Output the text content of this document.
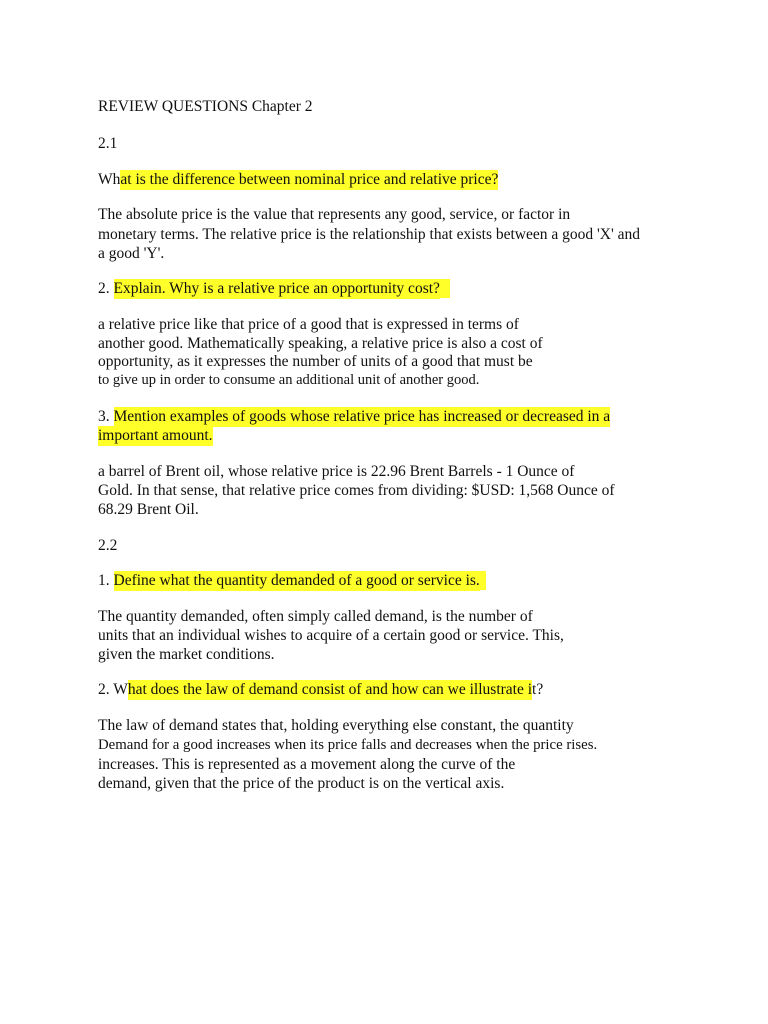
REVIEW QUESTIONS Chapter 2
2.1
What is the difference between nominal price and relative price?
The absolute price is the value that represents any good, service, or factor in
monetary terms. The relative price is the relationship that exists between a good 'X' and
a good 'Y'.
2. Explain. Why is a relative price an opportunity cost?
a relative price like that price of a good that is expressed in terms of
another good. Mathematically speaking, a relative price is also a cost of
opportunity, as it expresses the number of units of a good that must be
to give up in order to consume an additional unit of another good.
3. Mention examples of goods whose relative price has increased or decreased in a
important amount.
a barrel of Brent oil, whose relative price is 22.96 Brent Barrels - 1 Ounce of
Gold. In that sense, that relative price comes from dividing: $USD: 1,568 Ounce of
68.29 Brent Oil.
2.2
1. Define what the quantity demanded of a good or service is.
The quantity demanded, often simply called demand, is the number of
units that an individual wishes to acquire of a certain good or service. This,
given the market conditions.
2. What does the law of demand consist of and how can we illustrate it?
The law of demand states that, holding everything else constant, the quantity
Demand for a good increases when its price falls and decreases when the price rises.
increases. This is represented as a movement along the curve of the
demand, given that the price of the product is on the vertical axis.
